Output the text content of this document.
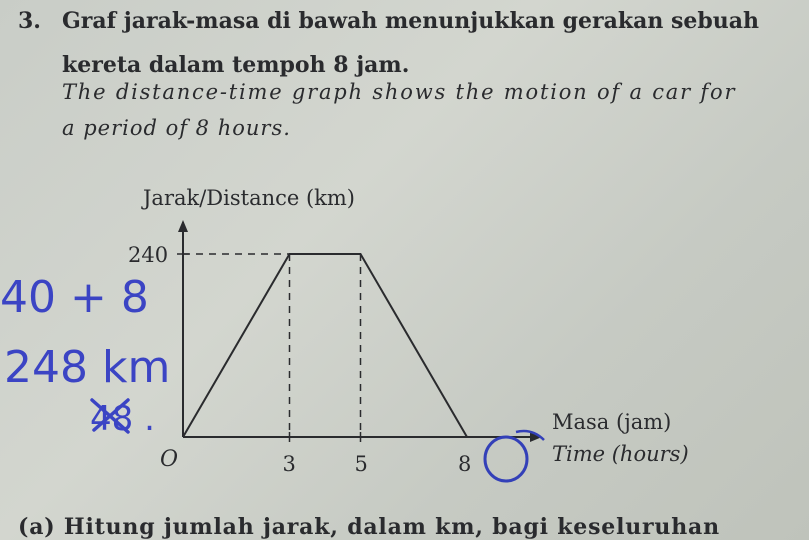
3. Graf jarak-masa di bawah menunjukkan gerakan sebuah

kereta dalam tempoh 8 jam.

The distance-time graph shows the motion of a car for

a period of 8 hours.

Jarak/Distance (km)
240
O	3	5	8
Masa (jam)
Time (hours)
40 + 8
248 km
48 .

(a) Hitung jumlah jarak, dalam km, bagi keseluruhan
